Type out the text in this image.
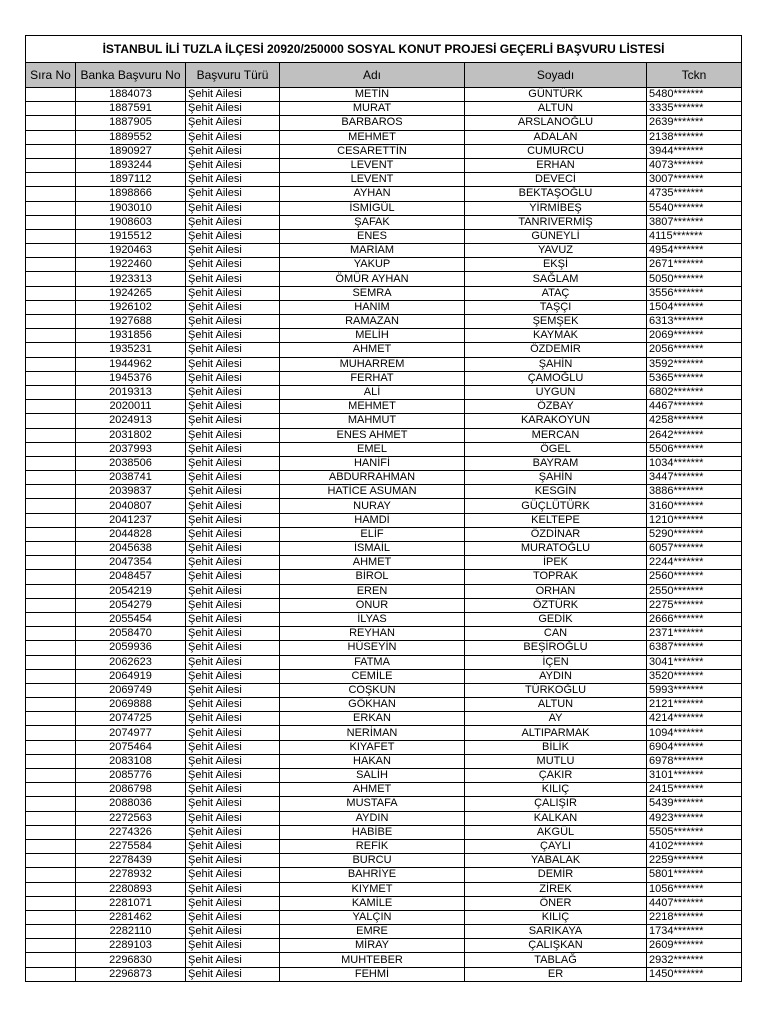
İSTANBUL İLİ TUZLA İLÇESİ 20920/250000 SOSYAL KONUT PROJESİ GEÇERLİ BAŞVURU LİSTESİ					
Sıra No	Banka Başvuru No	Başvuru Türü	Adı	Soyadı	Tckn
	1884073	Şehit Ailesi	METİN	GÜNTÜRK	5480*******
	1887591	Şehit Ailesi	MURAT	ALTUN	3335*******
	1887905	Şehit Ailesi	BARBAROS	ARSLANOĞLU	2639*******
	1889552	Şehit Ailesi	MEHMET	ADALAN	2138*******
	1890927	Şehit Ailesi	CESARETTİN	CUMURCU	3944*******
	1893244	Şehit Ailesi	LEVENT	ERHAN	4073*******
	1897112	Şehit Ailesi	LEVENT	DEVECİ	3007*******
	1898866	Şehit Ailesi	AYHAN	BEKTAŞOĞLU	4735*******
	1903010	Şehit Ailesi	İSMİGÜL	YİRMİBEŞ	5540*******
	1908603	Şehit Ailesi	ŞAFAK	TANRIVERMİŞ	3807*******
	1915512	Şehit Ailesi	ENES	GÜNEYLİ	4115*******
	1920463	Şehit Ailesi	MARİAM	YAVUZ	4954*******
	1922460	Şehit Ailesi	YAKUP	EKŞİ	2671*******
	1923313	Şehit Ailesi	ÖMÜR AYHAN	SAĞLAM	5050*******
	1924265	Şehit Ailesi	SEMRA	ATAÇ	3556*******
	1926102	Şehit Ailesi	HANIM	TAŞÇI	1504*******
	1927688	Şehit Ailesi	RAMAZAN	ŞEMŞEK	6313*******
	1931856	Şehit Ailesi	MELİH	KAYMAK	2069*******
	1935231	Şehit Ailesi	AHMET	ÖZDEMİR	2056*******
	1944962	Şehit Ailesi	MUHARREM	ŞAHİN	3592*******
	1945376	Şehit Ailesi	FERHAT	ÇAMOĞLU	5365*******
	2019313	Şehit Ailesi	ALİ	UYGUN	6802*******
	2020011	Şehit Ailesi	MEHMET	ÖZBAY	4467*******
	2024913	Şehit Ailesi	MAHMUT	KARAKOYUN	4258*******
	2031802	Şehit Ailesi	ENES AHMET	MERCAN	2642*******
	2037993	Şehit Ailesi	EMEL	ÖGEL	5506*******
	2038506	Şehit Ailesi	HANİFİ	BAYRAM	1034*******
	2038741	Şehit Ailesi	ABDURRAHMAN	ŞAHİN	3447*******
	2039837	Şehit Ailesi	HATİCE ASUMAN	KESGİN	3886*******
	2040807	Şehit Ailesi	NURAY	GÜÇLÜTÜRK	3160*******
	2041237	Şehit Ailesi	HAMDİ	KELTEPE	1210*******
	2044828	Şehit Ailesi	ELİF	ÖZDİNAR	5290*******
	2045638	Şehit Ailesi	İSMAİL	MURATOĞLU	6057*******
	2047354	Şehit Ailesi	AHMET	İPEK	2244*******
	2048457	Şehit Ailesi	BİROL	TOPRAK	2560*******
	2054219	Şehit Ailesi	EREN	ORHAN	2550*******
	2054279	Şehit Ailesi	ONUR	ÖZTÜRK	2275*******
	2055454	Şehit Ailesi	İLYAS	GEDİK	2666*******
	2058470	Şehit Ailesi	REYHAN	CAN	2371*******
	2059936	Şehit Ailesi	HÜSEYİN	BEŞİROĞLU	6387*******
	2062623	Şehit Ailesi	FATMA	İÇEN	3041*******
	2064919	Şehit Ailesi	CEMİLE	AYDIN	3520*******
	2069749	Şehit Ailesi	COŞKUN	TÜRKOĞLU	5993*******
	2069888	Şehit Ailesi	GÖKHAN	ALTUN	2121*******
	2074725	Şehit Ailesi	ERKAN	AY	4214*******
	2074977	Şehit Ailesi	NERİMAN	ALTIPARMAK	1094*******
	2075464	Şehit Ailesi	KIYAFET	BİLİK	6904*******
	2083108	Şehit Ailesi	HAKAN	MUTLU	6978*******
	2085776	Şehit Ailesi	SALİH	ÇAKIR	3101*******
	2086798	Şehit Ailesi	AHMET	KILIÇ	2415*******
	2088036	Şehit Ailesi	MUSTAFA	ÇALIŞIR	5439*******
	2272563	Şehit Ailesi	AYDIN	KALKAN	4923*******
	2274326	Şehit Ailesi	HABİBE	AKGÜL	5505*******
	2275584	Şehit Ailesi	REFİK	ÇAYLI	4102*******
	2278439	Şehit Ailesi	BURCU	YABALAK	2259*******
	2278932	Şehit Ailesi	BAHRİYE	DEMİR	5801*******
	2280893	Şehit Ailesi	KIYMET	ZİREK	1056*******
	2281071	Şehit Ailesi	KAMİLE	ÖNER	4407*******
	2281462	Şehit Ailesi	YALÇIN	KILIÇ	2218*******
	2282110	Şehit Ailesi	EMRE	SARIKAYA	1734*******
	2289103	Şehit Ailesi	MİRAY	ÇALIŞKAN	2609*******
	2296830	Şehit Ailesi	MUHTEBER	TABLAĞ	2932*******
	2296873	Şehit Ailesi	FEHMİ	ER	1450*******
